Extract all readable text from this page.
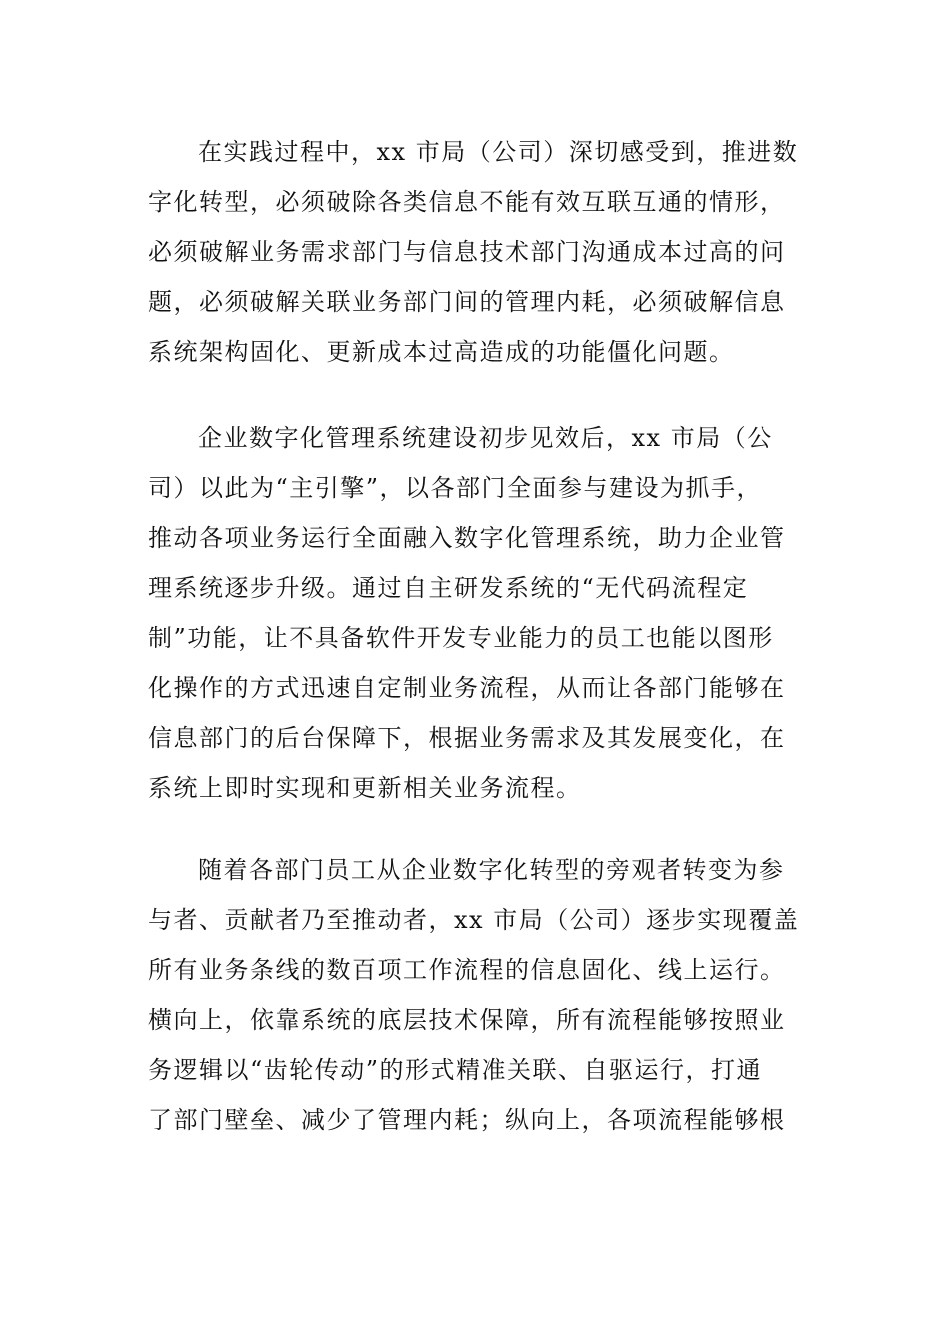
在实践过程中，xx 市局（公司）深切感受到，推进数
字化转型，必须破除各类信息不能有效互联互通的情形，
必须破解业务需求部门与信息技术部门沟通成本过高的问
题，必须破解关联业务部门间的管理内耗，必须破解信息
系统架构固化、更新成本过高造成的功能僵化问题。
企业数字化管理系统建设初步见效后，xx 市局（公
司）以此为“主引擎”，以各部门全面参与建设为抓手，
推动各项业务运行全面融入数字化管理系统，助力企业管
理系统逐步升级。通过自主研发系统的“无代码流程定
制”功能，让不具备软件开发专业能力的员工也能以图形
化操作的方式迅速自定制业务流程，从而让各部门能够在
信息部门的后台保障下，根据业务需求及其发展变化，在
系统上即时实现和更新相关业务流程。
随着各部门员工从企业数字化转型的旁观者转变为参
与者、贡献者乃至推动者，xx 市局（公司）逐步实现覆盖
所有业务条线的数百项工作流程的信息固化、线上运行。
横向上，依靠系统的底层技术保障，所有流程能够按照业
务逻辑以“齿轮传动”的形式精准关联、自驱运行，打通
了部门壁垒、减少了管理内耗；纵向上，各项流程能够根
